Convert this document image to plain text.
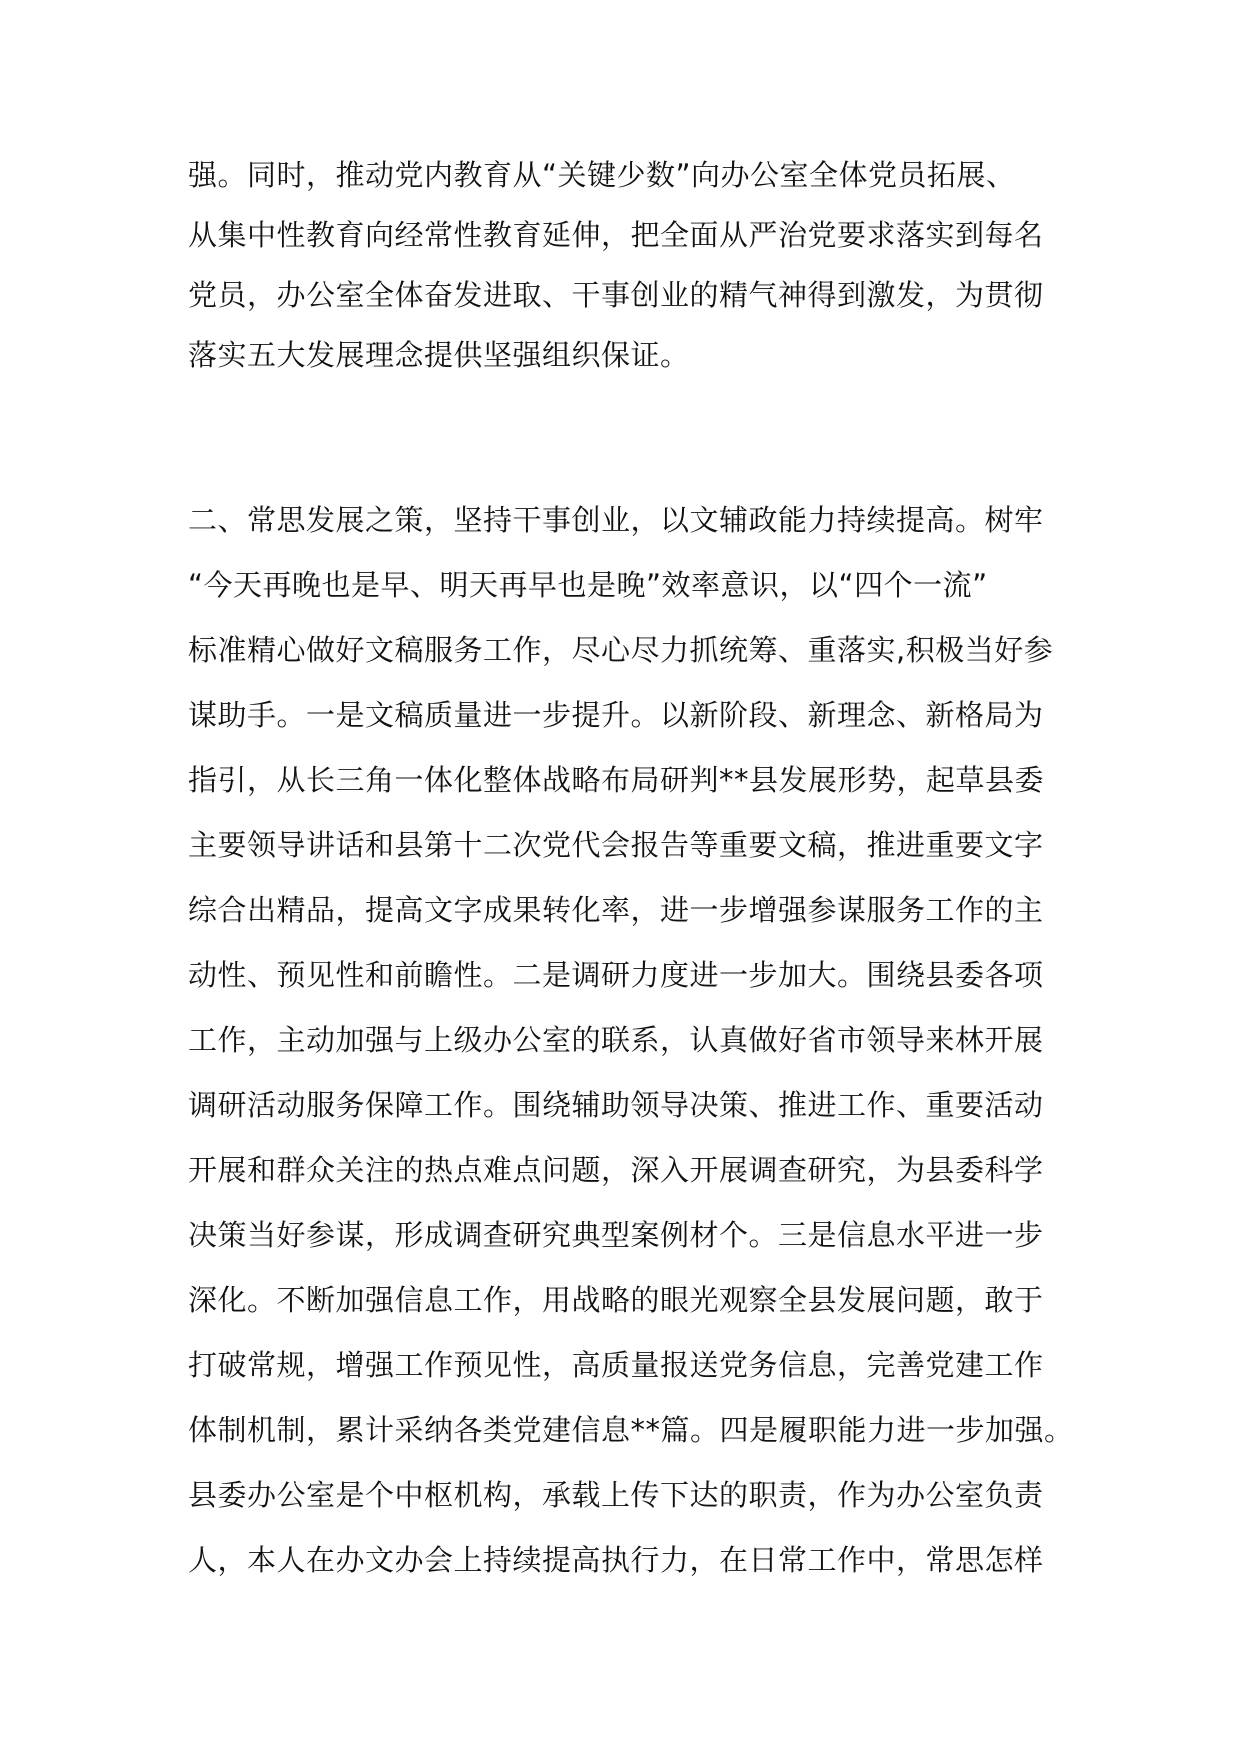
强。同时，推动党内教育从“关键少数”向办公室全体党员拓展、
从集中性教育向经常性教育延伸，把全面从严治党要求落实到每名
党员，办公室全体奋发进取、干事创业的精气神得到激发，为贯彻
落实五大发展理念提供坚强组织保证。
二、常思发展之策，坚持干事创业，以文辅政能力持续提高。树牢
“今天再晚也是早、明天再早也是晚”效率意识，以“四个一流”
标准精心做好文稿服务工作，尽心尽力抓统筹、重落实,积极当好参
谋助手。一是文稿质量进一步提升。以新阶段、新理念、新格局为
指引，从长三角一体化整体战略布局研判**县发展形势，起草县委
主要领导讲话和县第十二次党代会报告等重要文稿，推进重要文字
综合出精品，提高文字成果转化率，进一步增强参谋服务工作的主
动性、预见性和前瞻性。二是调研力度进一步加大。围绕县委各项
工作，主动加强与上级办公室的联系，认真做好省市领导来林开展
调研活动服务保障工作。围绕辅助领导决策、推进工作、重要活动
开展和群众关注的热点难点问题，深入开展调查研究，为县委科学
决策当好参谋，形成调查研究典型案例材个。三是信息水平进一步
深化。不断加强信息工作，用战略的眼光观察全县发展问题，敢于
打破常规，增强工作预见性，高质量报送党务信息，完善党建工作
体制机制，累计采纳各类党建信息**篇。四是履职能力进一步加强。
县委办公室是个中枢机构，承载上传下达的职责，作为办公室负责
人，本人在办文办会上持续提高执行力，在日常工作中，常思怎样
